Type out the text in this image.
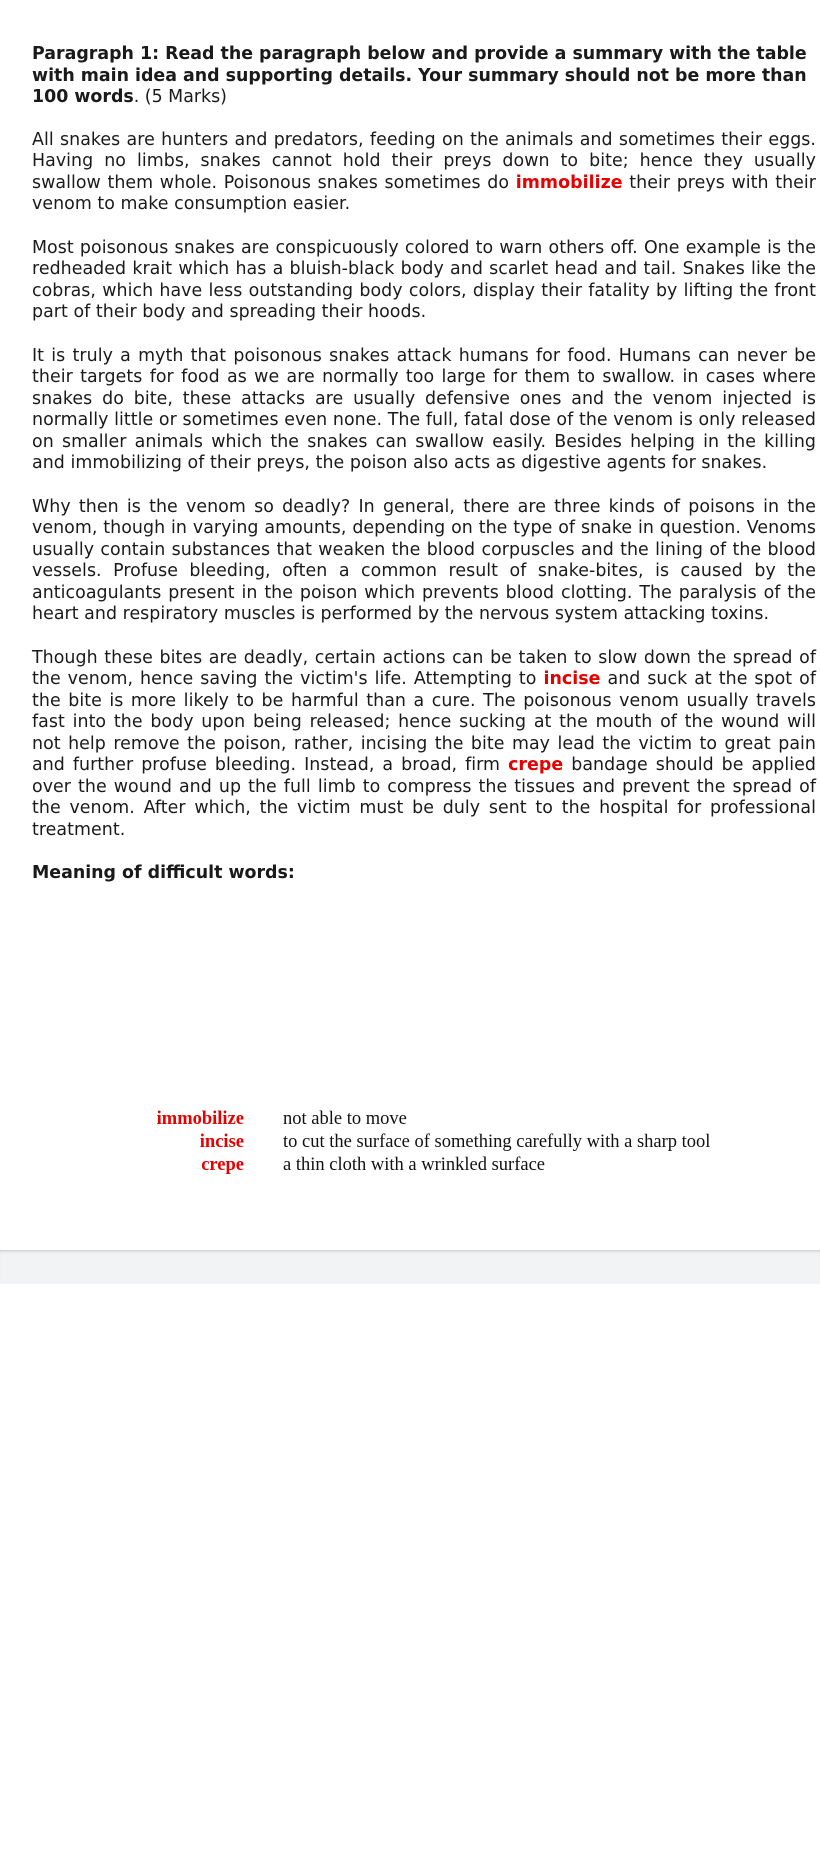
Paragraph 1: Read the paragraph below and provide a summary with the table with main idea and supporting details. Your summary should not be more than 100 words. (5 Marks)

All snakes are hunters and predators, feeding on the animals and sometimes their eggs. Having no limbs, snakes cannot hold their preys down to bite; hence they usually swallow them whole. Poisonous snakes sometimes do immobilize their preys with their venom to make consumption easier.

Most poisonous snakes are conspicuously colored to warn others off. One example is the redheaded krait which has a bluish-black body and scarlet head and tail. Snakes like the cobras, which have less outstanding body colors, display their fatality by lifting the front part of their body and spreading their hoods.

It is truly a myth that poisonous snakes attack humans for food. Humans can never be their targets for food as we are normally too large for them to swallow. in cases where snakes do bite, these attacks are usually defensive ones and the venom injected is normally little or sometimes even none. The full, fatal dose of the venom is only released on smaller animals which the snakes can swallow easily. Besides helping in the killing and immobilizing of their preys, the poison also acts as digestive agents for snakes.

Why then is the venom so deadly? In general, there are three kinds of poisons in the venom, though in varying amounts, depending on the type of snake in question. Venoms usually contain substances that weaken the blood corpuscles and the lining of the blood vessels. Profuse bleeding, often a common result of snake-bites, is caused by the anticoagulants present in the poison which prevents blood clotting. The paralysis of the heart and respiratory muscles is performed by the nervous system attacking toxins.

Though these bites are deadly, certain actions can be taken to slow down the spread of the venom, hence saving the victim's life. Attempting to incise and suck at the spot of the bite is more likely to be harmful than a cure. The poisonous venom usually travels fast into the body upon being released; hence sucking at the mouth of the wound will not help remove the poison, rather, incising the bite may lead the victim to great pain and further profuse bleeding. Instead, a broad, firm crepe bandage should be applied over the wound and up the full limb to compress the tissues and prevent the spread of the venom. After which, the victim must be duly sent to the hospital for professional treatment.

Meaning of difficult words:

immobilize not able to move
incise to cut the surface of something carefully with a sharp tool
crepe a thin cloth with a wrinkled surface
